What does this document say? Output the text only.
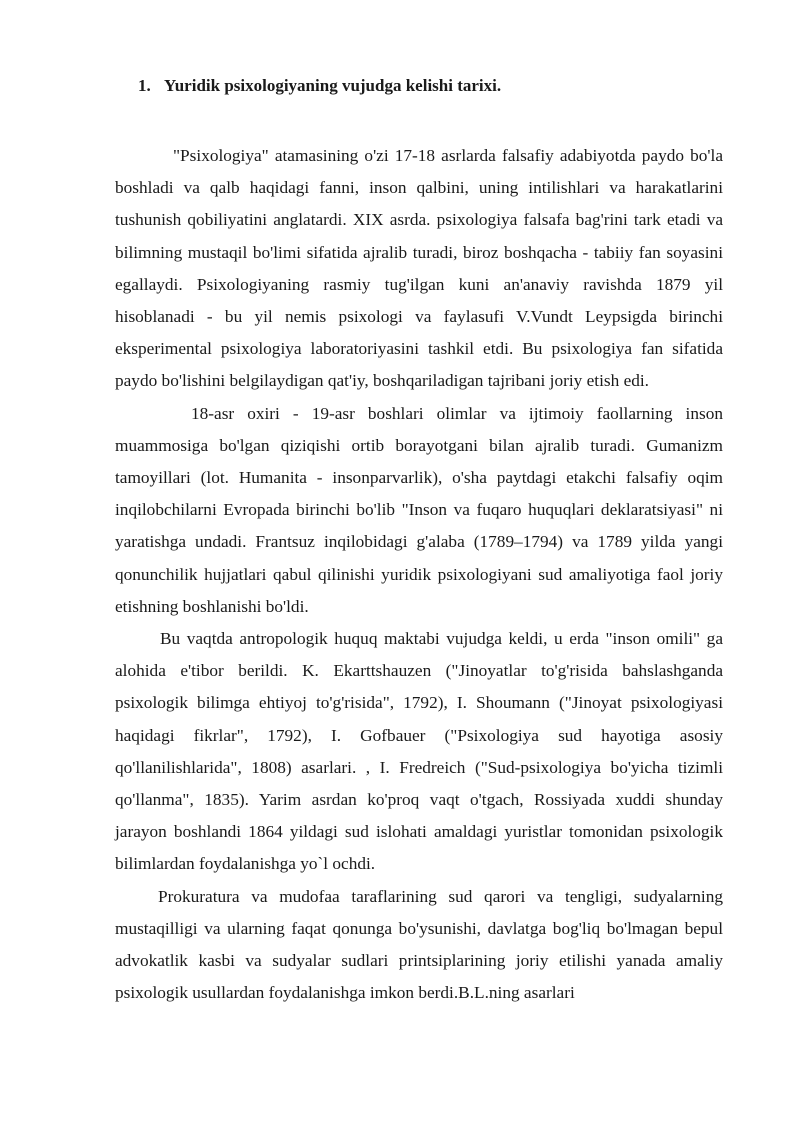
1. Yuridik psixologiyaning vujudga kelishi tarixi.

"Psixologiya" atamasining o'zi 17-18 asrlarda falsafiy adabiyotda paydo bo'la boshladi va qalb haqidagi fanni, inson qalbini, uning intilishlari va harakatlarini tushunish qobiliyatini anglatardi. XIX asrda. psixologiya falsafa bag'rini tark etadi va bilimning mustaqil bo'limi sifatida ajralib turadi, biroz boshqacha - tabiiy fan soyasini egallaydi. Psixologiyaning rasmiy tug'ilgan kuni an'anaviy ravishda 1879 yil hisoblanadi - bu yil nemis psixologi va faylasufi V.Vundt Leypsigda birinchi eksperimental psixologiya laboratoriyasini tashkil etdi. Bu psixologiya fan sifatida paydo bo'lishini belgilaydigan qat'iy, boshqariladigan tajribani joriy etish edi.

18-asr oxiri - 19-asr boshlari olimlar va ijtimoiy faollarning inson muammosiga bo'lgan qiziqishi ortib borayotgani bilan ajralib turadi. Gumanizm tamoyillari (lot. Humanita - insonparvarlik), o'sha paytdagi etakchi falsafiy oqim inqilobchilarni Evropada birinchi bo'lib "Inson va fuqaro huquqlari deklaratsiyasi" ni yaratishga undadi. Frantsuz inqilobidagi g'alaba (1789–1794) va 1789 yilda yangi qonunchilik hujjatlari qabul qilinishi yuridik psixologiyani sud amaliyotiga faol joriy etishning boshlanishi bo'ldi.

Bu vaqtda antropologik huquq maktabi vujudga keldi, u erda "inson omili" ga alohida e'tibor berildi. K. Ekarttshauzen ("Jinoyatlar to'g'risida bahslashganda psixologik bilimga ehtiyoj to'g'risida", 1792), I. Shoumann ("Jinoyat psixologiyasi haqidagi fikrlar", 1792), I. Gofbauer ("Psixologiya sud hayotiga asosiy qo'llanilishlarida", 1808) asarlari. , I. Fredreich ("Sud-psixologiya bo'yicha tizimli qo'llanma", 1835). Yarim asrdan ko'proq vaqt o'tgach, Rossiyada xuddi shunday jarayon boshlandi 1864 yildagi sud islohati amaldagi yuristlar tomonidan psixologik bilimlardan foydalanishga yo`l ochdi.

Prokuratura va mudofaa taraflarining sud qarori va tengligi, sudyalarning mustaqilligi va ularning faqat qonunga bo'ysunishi, davlatga bog'liq bo'lmagan bepul advokatlik kasbi va sudyalar sudlari printsiplarining joriy etilishi yanada amaliy psixologik usullardan foydalanishga imkon berdi.B.L.ning asarlari
